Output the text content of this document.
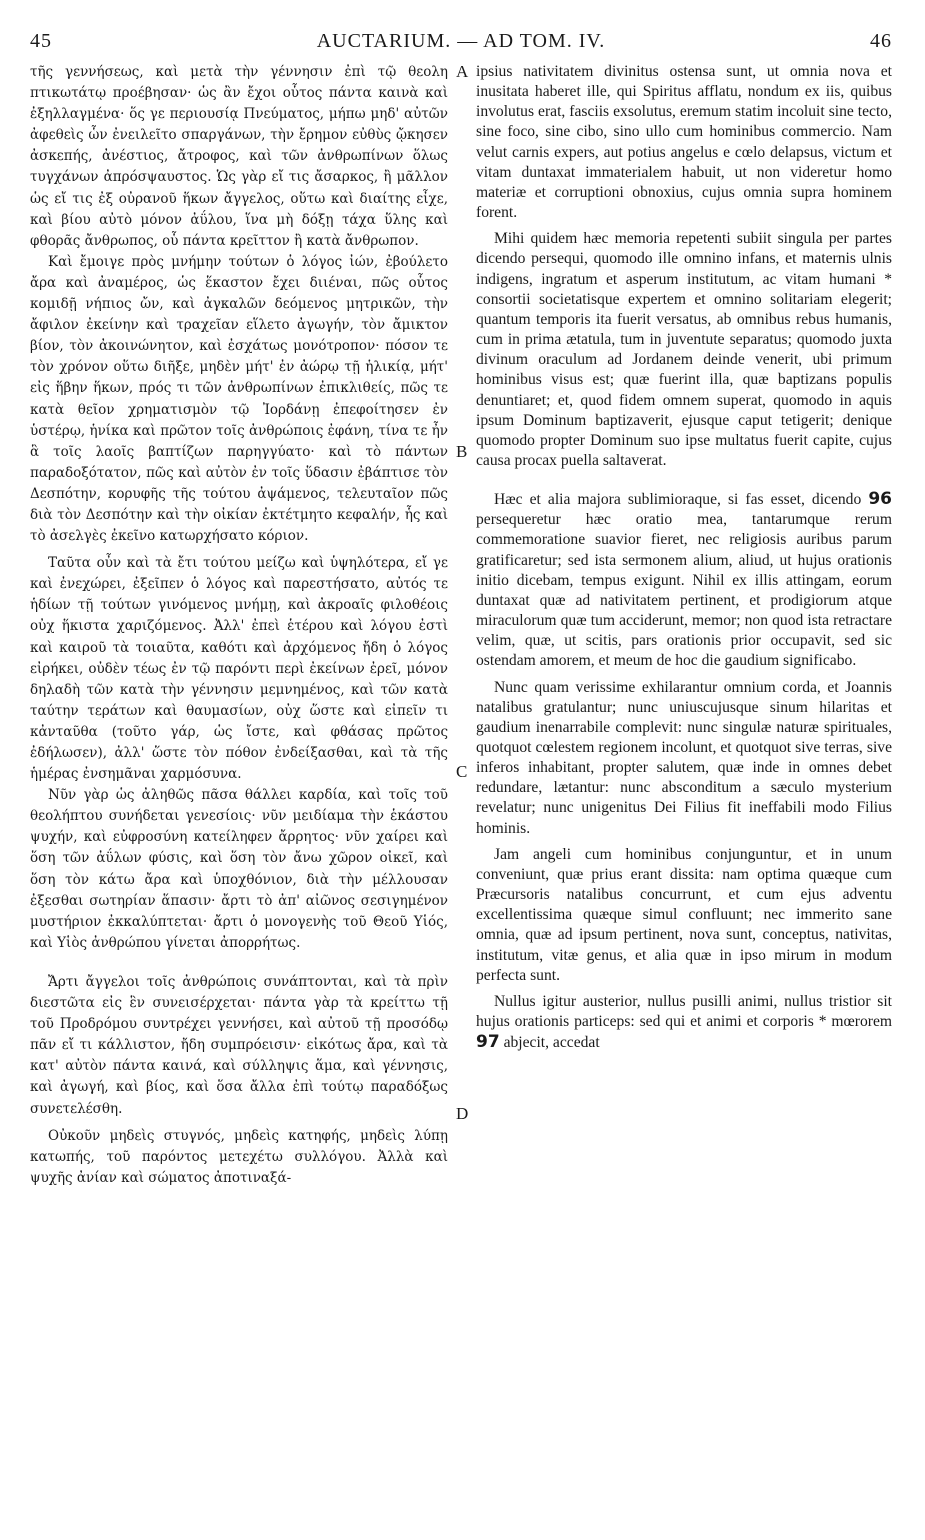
45	AUCTARIUM. — AD TOM. IV.	46
A
B
C
D

τῆς γεννήσεως, καὶ μετὰ τὴν γέννησιν ἐπὶ τῷ θεολη πτικωτάτῳ προέβησαν· ὡς ἂν ἔχοι οὗτος πάντα καινὰ καὶ ἐξηλλαγμένα· ὅς γε περιουσίᾳ Πνεύματος, μήπω μηδ' αὐτῶν ἀφεθεὶς ὧν ἐνειλεῖτο σπαργάνων, τὴν ἔρημον εὐθὺς ᾤκησεν ἀσκεπής, ἀνέστιος, ἄτροφος, καὶ τῶν ἀνθρωπίνων ὅλως τυγχάνων ἀπρόσψαυστος. Ὡς γὰρ εἴ τις ἄσαρκος, ἢ μᾶλλον ὡς εἴ τις ἐξ οὐρανοῦ ἥκων ἄγγελος, οὕτω καὶ διαίτης εἶχε, καὶ βίου αὐτὸ μόνον ἀΰλου, ἵνα μὴ δόξῃ τάχα ὕλης καὶ φθορᾶς ἄνθρωπος, οὗ πάντα κρεῖττον ἢ κατὰ ἄνθρωπον.

Καὶ ἔμοιγε πρὸς μνήμην τούτων ὁ λόγος ἰών, ἐβούλετο ἄρα καὶ ἀναμέρος, ὡς ἕκαστον ἔχει διιέναι, πῶς οὗτος κομιδῇ νήπιος ὤν, καὶ ἀγκαλῶν δεόμενος μητρικῶν, τὴν ἄφιλον ἐκείνην καὶ τραχεῖαν εἵλετο ἀγωγήν, τὸν ἄμικτον βίον, τὸν ἀκοινώνητον, καὶ ἐσχάτως μονότροπον· πόσον τε τὸν χρόνον οὕτω διῆξε, μηδὲν μήτ' ἐν ἀώρῳ τῇ ἡλικίᾳ, μήτ' εἰς ἥβην ἥκων, πρός τι τῶν ἀνθρωπίνων ἐπικλιθείς, πῶς τε κατὰ θεῖον χρηματισμὸν τῷ Ἰορδάνῃ ἐπεφοίτησεν ἐν ὑστέρῳ, ἡνίκα καὶ πρῶτον τοῖς ἀνθρώποις ἐφάνη, τίνα τε ἦν ἃ τοῖς λαοῖς βαπτίζων παρηγγύατο· καὶ τὸ πάντων παραδοξότατον, πῶς καὶ αὐτὸν ἐν τοῖς ὕδασιν ἐβάπτισε τὸν Δεσπότην, κορυφῆς τῆς τούτου ἀψάμενος, τελευταῖον πῶς διὰ τὸν Δεσπότην καὶ τὴν οἰκίαν ἐκτέτμητο κεφαλήν, ἧς καὶ τὸ ἀσελγὲς ἐκεῖνο κατωρχήσατο κόριον.

Ταῦτα οὖν καὶ τὰ ἔτι τούτου μείζω καὶ ὑψηλότερα, εἴ γε καὶ ἐνεχώρει, ἐξεῖπεν ὁ λόγος καὶ παρεστήσατο, αὐτός τε ἡδίων τῇ τούτων γινόμενος μνήμῃ, καὶ ἀκροαῖς φιλοθέοις οὐχ ἥκιστα χαριζόμενος. Ἀλλ' ἐπεὶ ἑτέρου καὶ λόγου ἐστὶ καὶ καιροῦ τὰ τοιαῦτα, καθότι καὶ ἀρχόμενος ἤδη ὁ λόγος εἰρήκει, οὐδὲν τέως ἐν τῷ παρόντι περὶ ἐκείνων ἐρεῖ, μόνον δηλαδὴ τῶν κατὰ τὴν γέννησιν μεμνημένος, καὶ τῶν κατὰ ταύτην τεράτων καὶ θαυμασίων, οὐχ ὥστε καὶ εἰπεῖν τι κἀνταῦθα (τοῦτο γάρ, ὡς ἴστε, καὶ φθάσας πρῶτος ἐδήλωσεν), ἀλλ' ὥστε τὸν πόθον ἐνδείξασθαι, καὶ τὰ τῆς ἡμέρας ἐνσημᾶναι χαρμόσυνα.

Νῦν γὰρ ὡς ἀληθῶς πᾶσα θάλλει καρδία, καὶ τοῖς τοῦ θεολήπτου συνήδεται γενεσίοις· νῦν μειδίαμα τὴν ἑκάστου ψυχήν, καὶ εὐφροσύνη κατείληφεν ἄρρητος· νῦν χαίρει καὶ ὅση τῶν ἀΰλων φύσις, καὶ ὅση τὸν ἄνω χῶρον οἰκεῖ, καὶ ὅση τὸν κάτω ἄρα καὶ ὑποχθόνιον, διὰ τὴν μέλλουσαν ἐξεσθαι σωτηρίαν ἅπασιν· ἄρτι τὸ ἀπ' αἰῶνος σεσιγημένον μυστήριον ἐκκαλύπτεται· ἄρτι ὁ μονογενὴς τοῦ Θεοῦ Υἱός, καὶ Υἱὸς ἀνθρώπου γίνεται ἀπορρήτως.

Ἄρτι ἄγγελοι τοῖς ἀνθρώποις συνάπτονται, καὶ τὰ πρὶν διεστῶτα εἰς ἓν συνεισέρχεται· πάντα γὰρ τὰ κρείττω τῇ τοῦ Προδρόμου συντρέχει γεννήσει, καὶ αὐτοῦ τῇ προσόδῳ πᾶν εἴ τι κάλλιστον, ἤδη συμπρόεισιν· εἰκότως ἄρα, καὶ τὰ κατ' αὐτὸν πάντα καινά, καὶ σύλληψις ἅμα, καὶ γέννησις, καὶ ἀγωγή, καὶ βίος, καὶ ὅσα ἄλλα ἐπὶ τούτῳ παραδόξως συνετελέσθη.

Οὐκοῦν μηδεὶς στυγνός, μηδεὶς κατηφής, μηδεὶς λύπῃ κατωπής, τοῦ παρόντος μετεχέτω συλλόγου. Ἀλλὰ καὶ ψυχῆς ἀνίαν καὶ σώματος ἀποτιναξά-

ipsius nativitatem divinitus ostensa sunt, ut omnia nova et inusitata haberet ille, qui Spiritus afflatu, nondum ex iis, quibus involutus erat, fasciis exsolutus, eremum statim incoluit sine tecto, sine foco, sine cibo, sino ullo cum hominibus commercio. Nam velut carnis expers, aut potius angelus e cœlo delapsus, victum et vitam duntaxat immaterialem habuit, ut non videretur homo materiæ et corruptioni obnoxius, cujus omnia supra hominem forent.

Mihi quidem hæc memoria repetenti subiit singula per partes dicendo persequi, quomodo ille omnino infans, et maternis ulnis indigens, ingratum et asperum institutum, ac vitam humani * consortii societatisque expertem et omnino solitariam elegerit; quantum temporis ita fuerit versatus, ab omnibus rebus humanis, cum in prima ætatula, tum in juventute separatus; quomodo juxta divinum oraculum ad Jordanem deinde venerit, ubi primum hominibus visus est; quæ fuerint illa, quæ baptizans populis denuntiaret; et, quod fidem omnem superat, quomodo in aquis ipsum Dominum baptizaverit, ejusque caput tetigerit; denique quomodo propter Dominum suo ipse multatus fuerit capite, cujus causa procax puella saltaverat.

Hæc et alia majora sublimioraque, si fas esset, dicendo 96 persequeretur hæc oratio mea, tantarumque rerum commemoratione suavior fieret, nec religiosis auribus parum gratificaretur; sed ista sermonem alium, aliud, ut hujus orationis initio dicebam, tempus exigunt. Nihil ex illis attingam, eorum duntaxat quæ ad nativitatem pertinent, et prodigiorum atque miraculorum quæ tum acciderunt, memor; non quod ista retractare velim, quæ, ut scitis, pars orationis prior occupavit, sed sic ostendam amorem, et meum de hoc die gaudium significabo.

Nunc quam verissime exhilarantur omnium corda, et Joannis natalibus gratulantur; nunc uniuscujusque sinum hilaritas et gaudium inenarrabile complevit: nunc singulæ naturæ spirituales, quotquot cœlestem regionem incolunt, et quotquot sive terras, sive inferos inhabitant, propter salutem, quæ inde in omnes debet redundare, lætantur: nunc absconditum a sæculo mysterium revelatur; nunc unigenitus Dei Filius fit ineffabili modo Filius hominis.

Jam angeli cum hominibus conjunguntur, et in unum conveniunt, quæ prius erant dissita: nam optima quæque cum Præcursoris natalibus concurrunt, et cum ejus adventu excellentissima quæque simul confluunt; nec immerito sane omnia, quæ ad ipsum pertinent, nova sunt, conceptus, nativitas, institutum, vitæ genus, et alia quæ in ipso mirum in modum perfecta sunt.

Nullus igitur austerior, nullus pusilli animi, nullus tristior sit hujus orationis particeps: sed qui et animi et corporis * mœrorem 97 abjecit, accedat
